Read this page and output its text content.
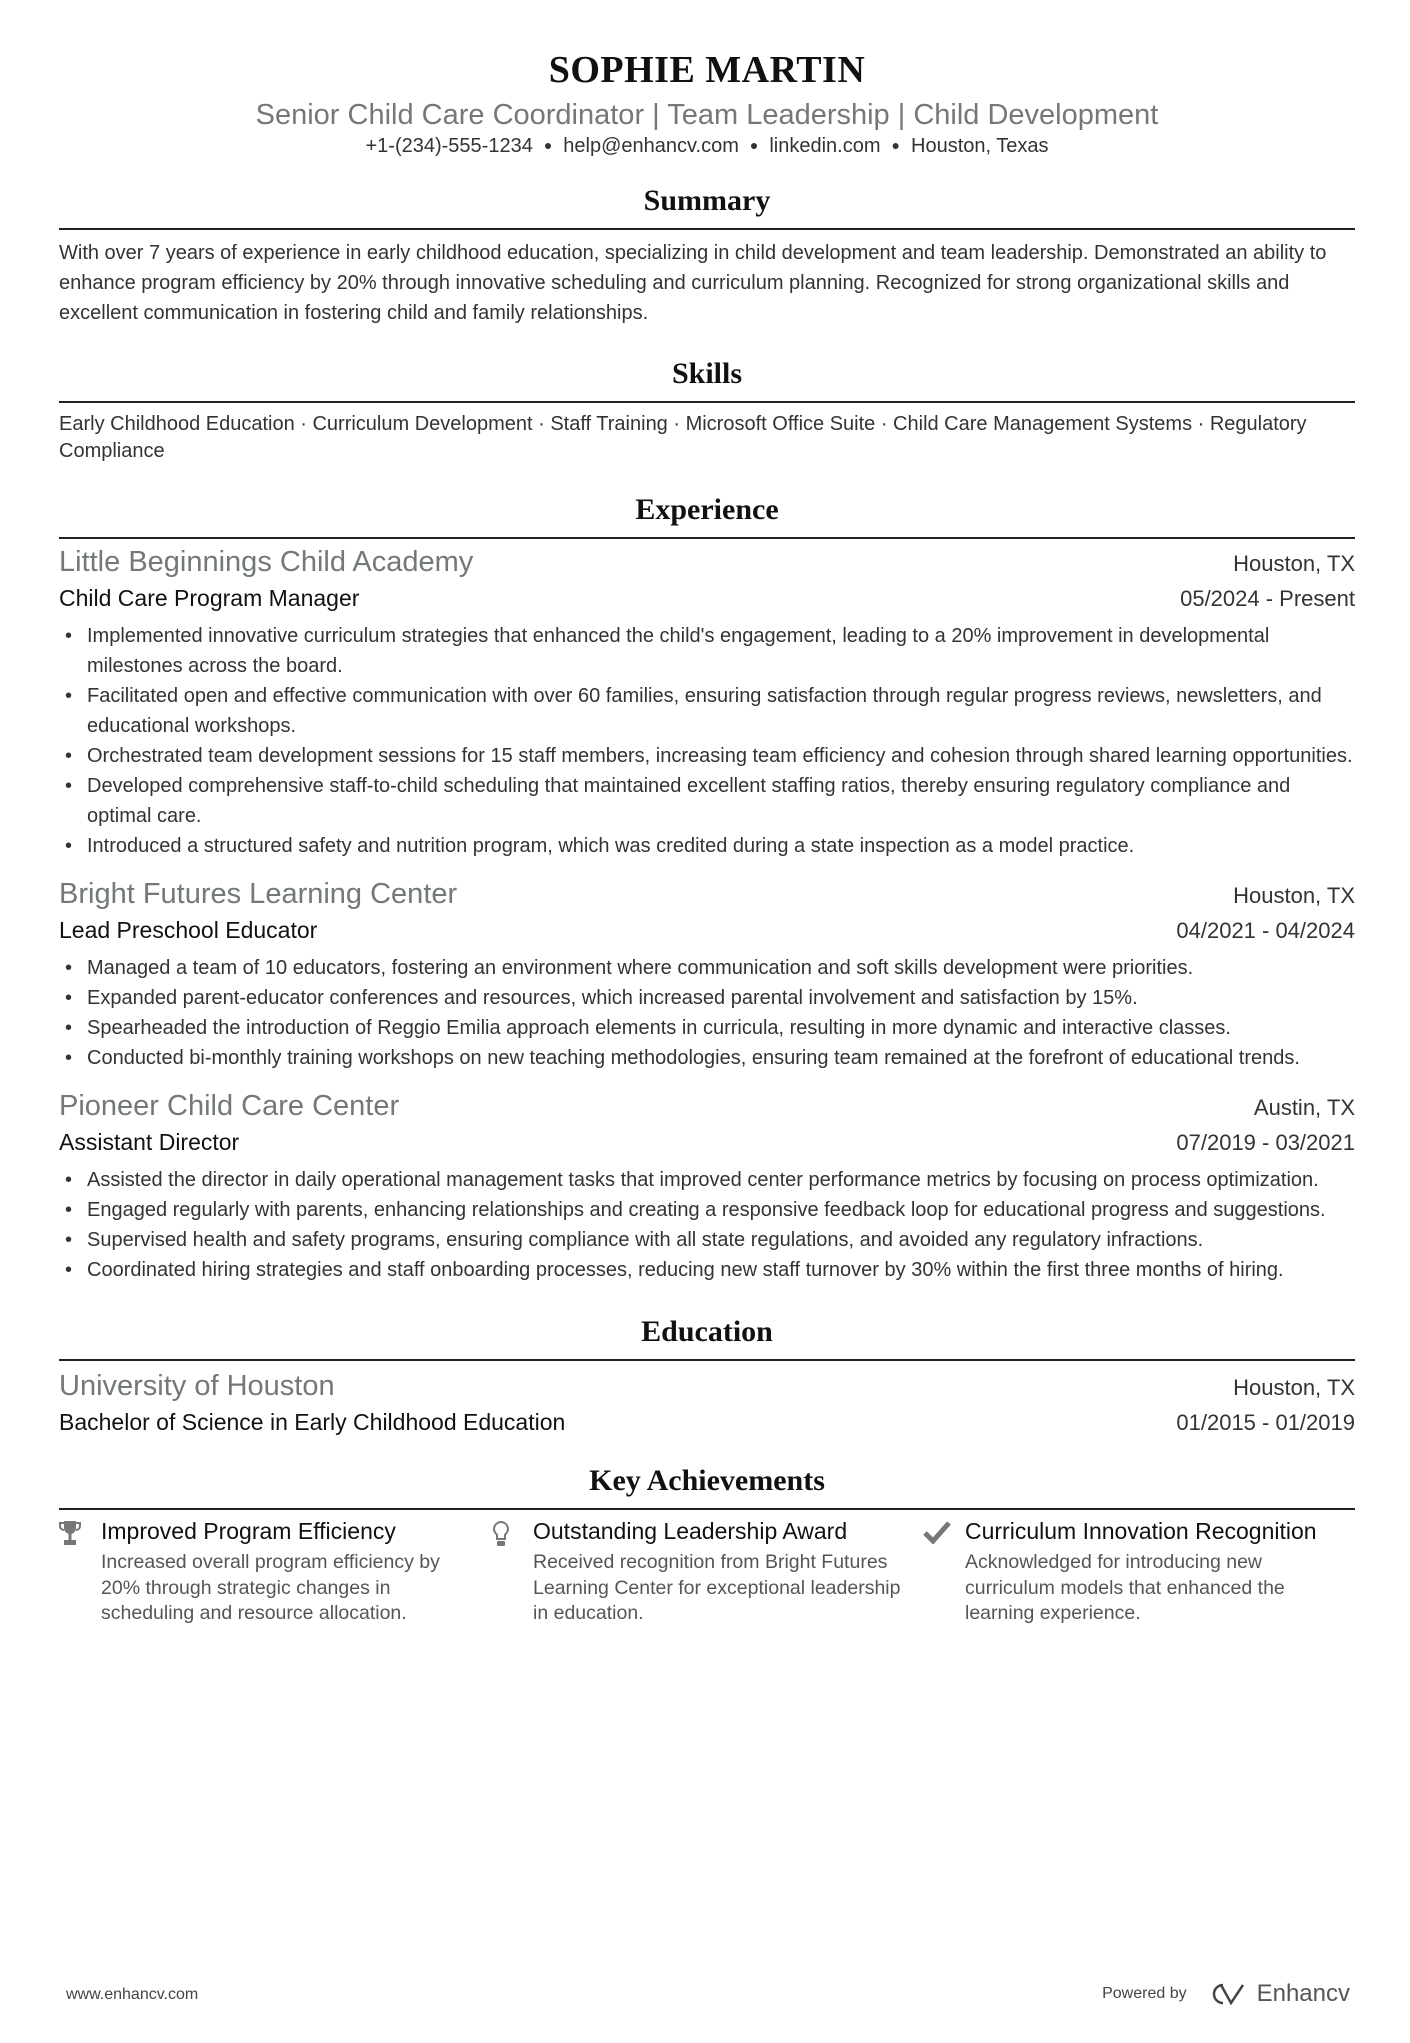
SOPHIE MARTIN
Senior Child Care Coordinator | Team Leadership | Child Development
+1-(234)-555-1234 ● help@enhancv.com ● linkedin.com ● Houston, Texas
Summary

With over 7 years of experience in early childhood education, specializing in child development and team leadership. Demonstrated an ability to enhance program efficiency by 20% through innovative scheduling and curriculum planning. Recognized for strong organizational skills and excellent communication in fostering child and family relationships.

Skills

Early Childhood Education · Curriculum Development · Staff Training · Microsoft Office Suite · Child Care Management Systems · Regulatory Compliance

Experience
Little Beginnings Child Academy	Houston, TX
Child Care Program Manager	05/2024 - Present
• Implemented innovative curriculum strategies that enhanced the child's engagement, leading to a 20% improvement in developmental milestones across the board.
• Facilitated open and effective communication with over 60 families, ensuring satisfaction through regular progress reviews, newsletters, and educational workshops.
• Orchestrated team development sessions for 15 staff members, increasing team efficiency and cohesion through shared learning opportunities.
• Developed comprehensive staff-to-child scheduling that maintained excellent staffing ratios, thereby ensuring regulatory compliance and optimal care.
• Introduced a structured safety and nutrition program, which was credited during a state inspection as a model practice.
Bright Futures Learning Center	Houston, TX
Lead Preschool Educator	04/2021 - 04/2024
• Managed a team of 10 educators, fostering an environment where communication and soft skills development were priorities.
• Expanded parent-educator conferences and resources, which increased parental involvement and satisfaction by 15%.
• Spearheaded the introduction of Reggio Emilia approach elements in curricula, resulting in more dynamic and interactive classes.
• Conducted bi-monthly training workshops on new teaching methodologies, ensuring team remained at the forefront of educational trends.
Pioneer Child Care Center	Austin, TX
Assistant Director	07/2019 - 03/2021
• Assisted the director in daily operational management tasks that improved center performance metrics by focusing on process optimization.
• Engaged regularly with parents, enhancing relationships and creating a responsive feedback loop for educational progress and suggestions.
• Supervised health and safety programs, ensuring compliance with all state regulations, and avoided any regulatory infractions.
• Coordinated hiring strategies and staff onboarding processes, reducing new staff turnover by 30% within the first three months of hiring.
Education
University of Houston	Houston, TX
Bachelor of Science in Early Childhood Education	01/2015 - 01/2019
Key Achievements
Improved Program Efficiency
Increased overall program efficiency by 20% through strategic changes in scheduling and resource allocation.
Outstanding Leadership Award
Received recognition from Bright Futures Learning Center for exceptional leadership in education.
Curriculum Innovation Recognition
Acknowledged for introducing new curriculum models that enhanced the learning experience.
www.enhancv.com	Powered by	Enhancv
